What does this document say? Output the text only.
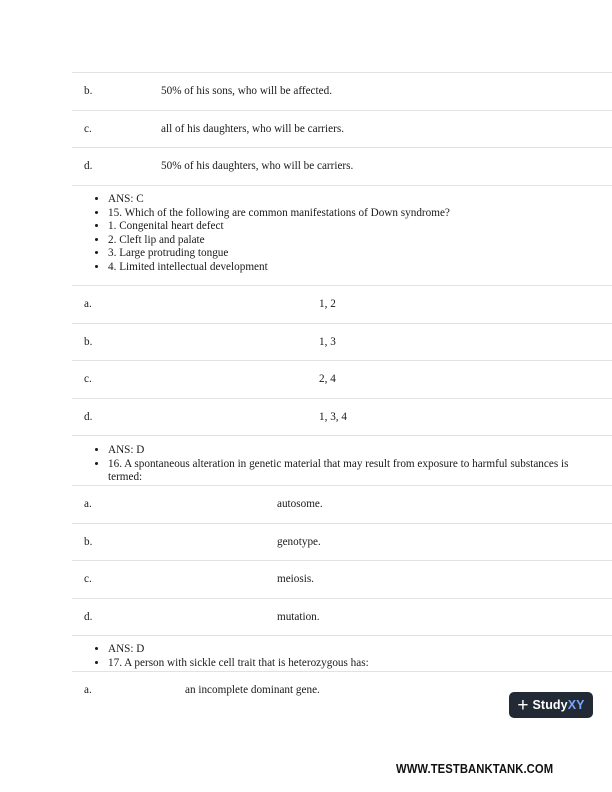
b.	50% of his sons, who will be affected.
c.	all of his daughters, who will be carriers.
d.	50% of his daughters, who will be carriers.
• ANS: C
• 15. Which of the following are common manifestations of Down syndrome?
• 1. Congenital heart defect
• 2. Cleft lip and palate
• 3. Large protruding tongue
• 4. Limited intellectual development
a.	1, 2
b.	1, 3
c.	2, 4
d.	1, 3, 4
• ANS: D
• 16. A spontaneous alteration in genetic material that may result from exposure to harmful substances is termed:
a.	autosome.
b.	genotype.
c.	meiosis.
d.	mutation.
• ANS: D
• 17. A person with sickle cell trait that is heterozygous has:
a.	an incomplete dominant gene.
+ StudyXY
WWW.TESTBANKTANK.COM
